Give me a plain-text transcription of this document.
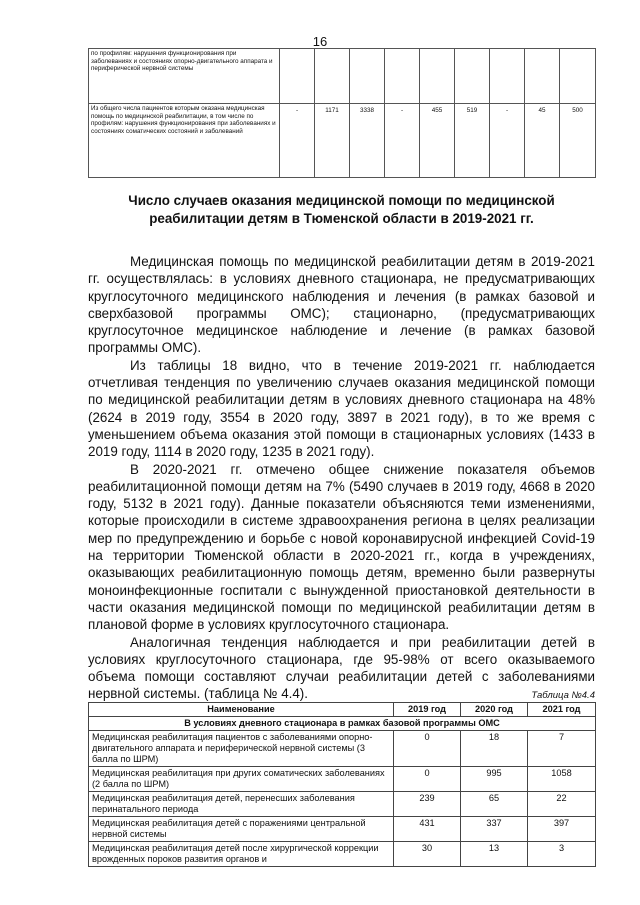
16
по профилям: нарушения функционирования при заболеваниях и состояниях опорно-двигательного аппарата и периферической нервной системы									
Из общего числа пациентов которым оказана медицинская помощь по медицинской реабилитации, в том числе по профилям: нарушения функционирования при заболеваниях и состояниях соматических состояний и заболеваний	-	1171	3338	-	455	519	-	45	500
Число случаев оказания медицинской помощи по медицинской реабилитации детям в Тюменской области в 2019-2021 гг.

Медицинская помощь по медицинской реабилитации детям в 2019-2021 гг. осуществлялась: в условиях дневного стационара, не предусматривающих круглосуточного медицинского наблюдения и лечения (в рамках базовой и сверхбазовой программы ОМС); стационарно, (предусматривающих круглосуточное медицинское наблюдение и лечение (в рамках базовой программы ОМС).

Из таблицы 18 видно, что в течение 2019-2021 гг. наблюдается отчетливая тенденция по увеличению случаев оказания медицинской помощи по медицинской реабилитации детям в условиях дневного стационара на 48% (2624 в 2019 году, 3554 в 2020 году, 3897 в 2021 году), в то же время с уменьшением объема оказания этой помощи в стационарных условиях (1433 в 2019 году, 1114 в 2020 году, 1235 в 2021 году).

В 2020-2021 гг. отмечено общее снижение показателя объемов реабилитационной помощи детям на 7% (5490 случаев в 2019 году, 4668 в 2020 году, 5132 в 2021 году). Данные показатели объясняются теми изменениями, которые происходили в системе здравоохранения региона в целях реализации мер по предупреждению и борьбе с новой коронавирусной инфекцией Covid-19 на территории Тюменской области в 2020-2021 гг., когда в учреждениях, оказывающих реабилитационную помощь детям, временно были развернуты моноинфекционные госпитали с вынужденной приостановкой деятельности в части оказания медицинской помощи по медицинской реабилитации детям в плановой форме в условиях круглосуточного стационара.

Аналогичная тенденция наблюдается и при реабилитации детей в условиях круглосуточного стационара, где 95-98% от всего оказываемого объема помощи составляют случаи реабилитации детей с заболеваниями нервной системы. (таблица № 4.4).	Таблица №4.4
Наименование	2019 год	2020 год	2021 год
В условиях дневного стационара в рамках базовой программы ОМС			
Медицинская реабилитация пациентов с заболеваниями опорно-двигательного аппарата и периферической нервной системы (3 балла по ШРМ)	0	18	7
Медицинская реабилитация при других соматических заболеваниях (2 балла по ШРМ)	0	995	1058
Медицинская реабилитация детей, перенесших заболевания перинатального периода	239	65	22
Медицинская реабилитация детей с поражениями центральной нервной системы	431	337	397
Медицинская реабилитация детей после хирургической коррекции врожденных пороков развития органов и	30	13	3
